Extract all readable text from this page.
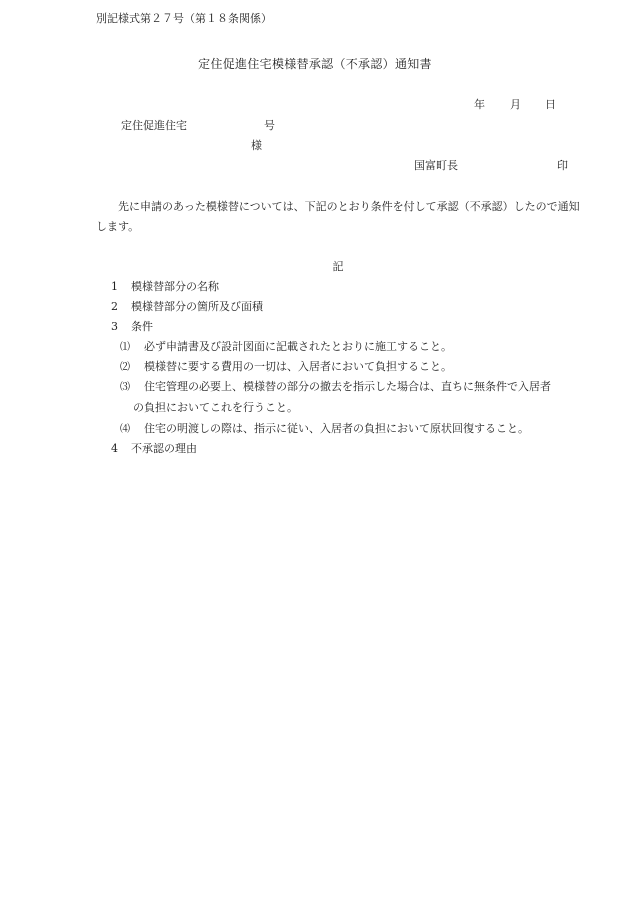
別記様式第２７号（第１８条関係）
定住促進住宅模様替承認（不承認）通知書
年 月 日
定住促進住宅	号
様
国富町長	印
先に申請のあった模様替については、下記のとおり条件を付して承認（不承認）したので通知します。
記
1 模様替部分の名称
2 模様替部分の箇所及び面積
3 条件
⑴ 必ず申請書及び設計図面に記載されたとおりに施工すること。
⑵ 模様替に要する費用の一切は、入居者において負担すること。
⑶ 住宅管理の必要上、模様替の部分の撤去を指示した場合は、直ちに無条件で入居者
の負担においてこれを行うこと。
⑷ 住宅の明渡しの際は、指示に従い、入居者の負担において原状回復すること。
4 不承認の理由
